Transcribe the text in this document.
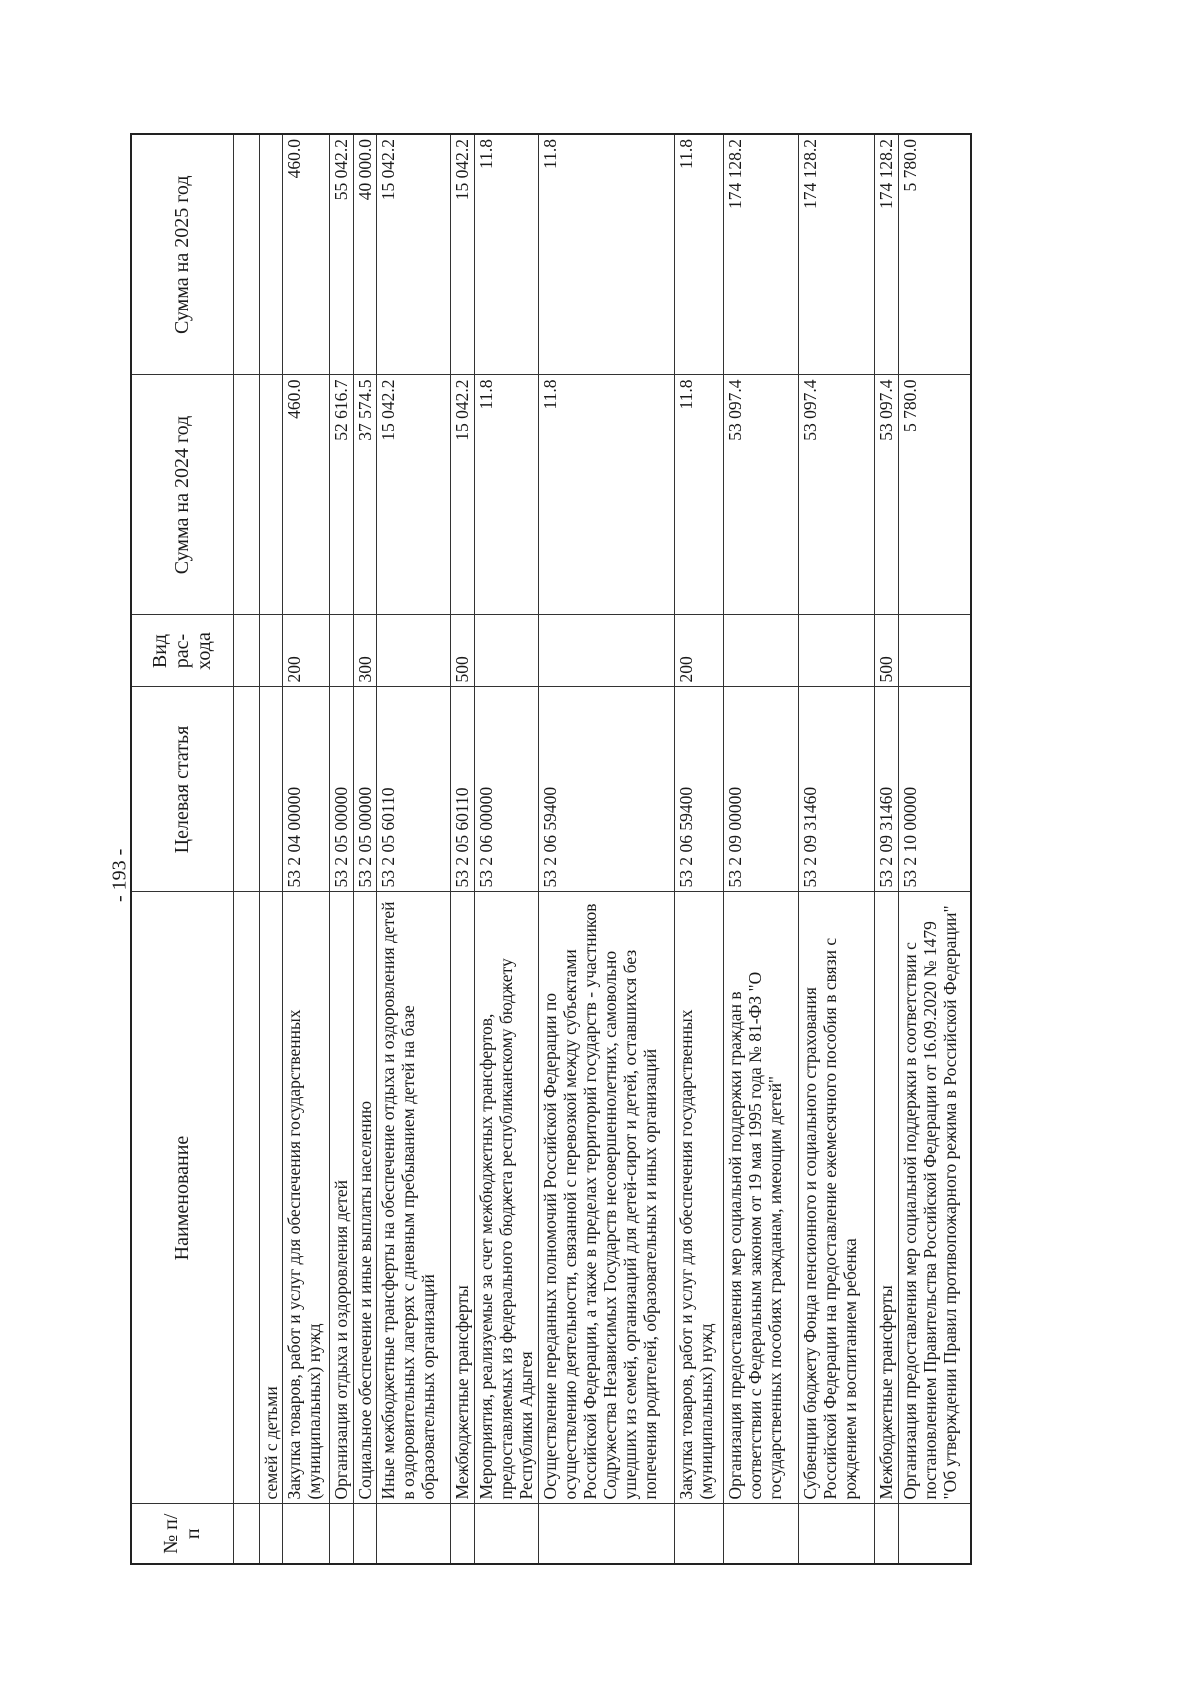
- 193 -
№ п/п	Наименование	Целевая статья	Вид рас- хода	Сумма на 2024 год	Сумма на 2025 год

	семей с детьми				
	Закупка товаров, работ и услуг для обеспечения государственных (муниципальных) нужд	53 2 04 00000	200	460.0	460.0
	Организация отдыха и оздоровления детей	53 2 05 00000		52 616.7	55 042.2
	Социальное обеспечение и иные выплаты населению	53 2 05 00000	300	37 574.5	40 000.0
	Иные межбюджетные трансферты на обеспечение отдыха и оздоровления детей в оздоровительных лагерях с дневным пребыванием детей на базе образовательных организаций	53 2 05 60110		15 042.2	15 042.2
	Межбюджетные трансферты	53 2 05 60110	500	15 042.2	15 042.2
	Мероприятия, реализуемые за счет межбюджетных трансфертов, предоставляемых из федерального бюджета республиканскому бюджету Республики Адыгея	53 2 06 00000		11.8	11.8
	Осуществление переданных полномочий Российской Федерации по осуществлению деятельности, связанной с перевозкой между субъектами Российской Федерации, а также в пределах территорий государств - участников Содружества Независимых Государств несовершеннолетних, самовольно ушедших из семей, организаций для детей-сирот и детей, оставшихся без попечения родителей, образовательных и иных организаций	53 2 06 59400		11.8	11.8
	Закупка товаров, работ и услуг для обеспечения государственных (муниципальных) нужд	53 2 06 59400	200	11.8	11.8
	Организация предоставления мер социальной поддержки граждан в соответствии с Федеральным законом от 19 мая 1995 года № 81-ФЗ "О государственных пособиях гражданам, имеющим детей"	53 2 09 00000		53 097.4	174 128.2
	Субвенции бюджету Фонда пенсионного и социального страхования Российской Федерации на предоставление ежемесячного пособия в связи с рождением и воспитанием ребенка	53 2 09 31460		53 097.4	174 128.2
	Межбюджетные трансферты	53 2 09 31460	500	53 097.4	174 128.2
	Организация предоставления мер социальной поддержки в соответствии с постановлением Правительства Российской Федерации от 16.09.2020 № 1479 "Об утверждении Правил противопожарного режима в Российской Федерации"	53 2 10 00000		5 780.0	5 780.0
